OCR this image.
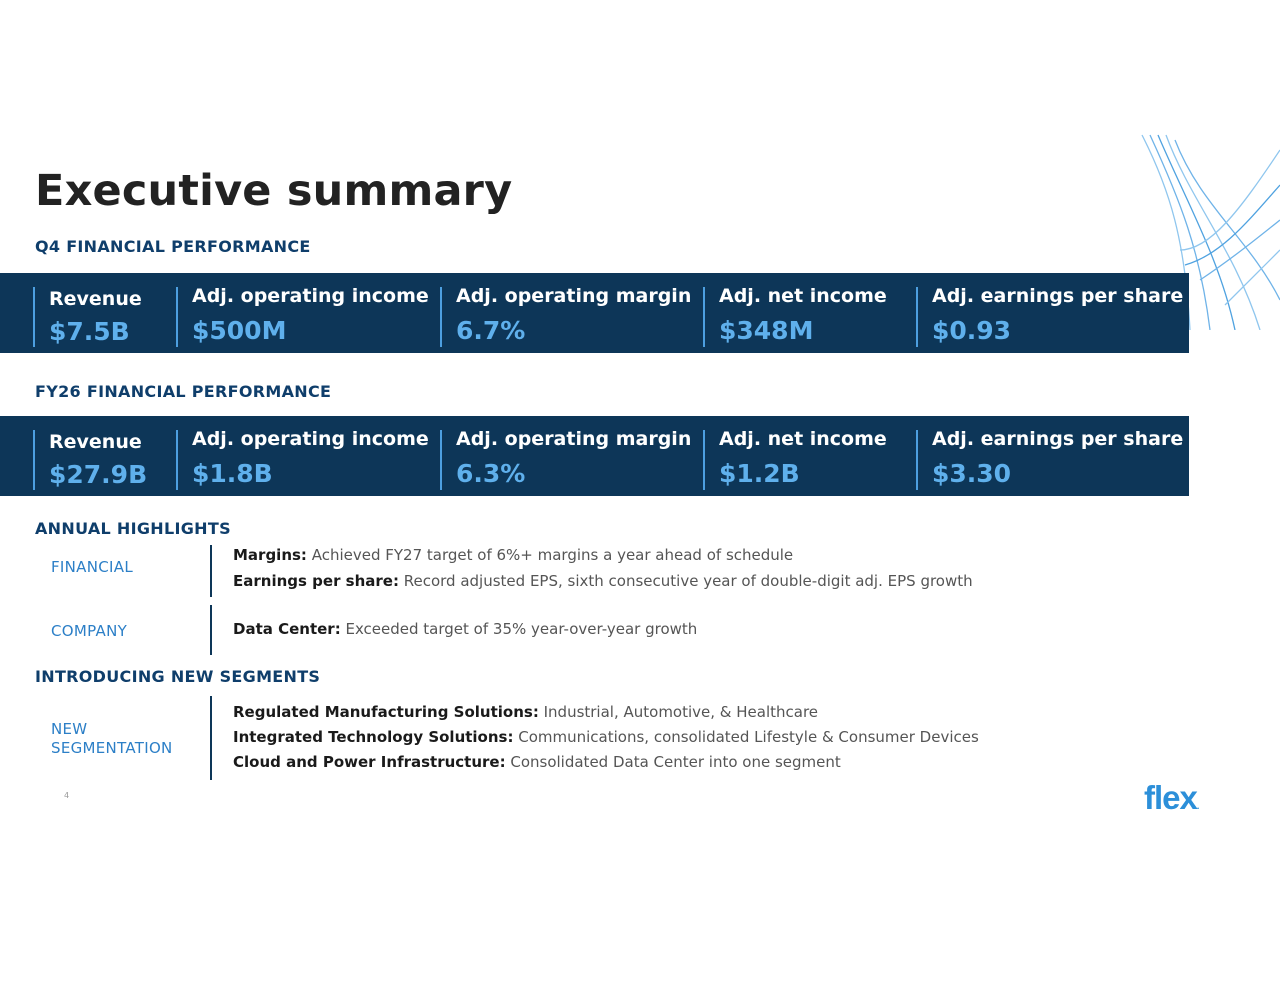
Executive summary
Q4 FINANCIAL PERFORMANCE
Revenue
$7.5B
Adj. operating income
$500M
Adj. operating margin
6.7%
Adj. net income
$348M
Adj. earnings per share
$0.93
FY26 FINANCIAL PERFORMANCE
Revenue
$27.9B
Adj. operating income
$1.8B
Adj. operating margin
6.3%
Adj. net income
$1.2B
Adj. earnings per share
$3.30
ANNUAL HIGHLIGHTS
FINANCIAL
Margins: Achieved FY27 target of 6%+ margins a year ahead of schedule
Earnings per share: Record adjusted EPS, sixth consecutive year of double-digit adj. EPS growth
COMPANY	Data Center: Exceeded target of 35% year-over-year growth
INTRODUCING NEW SEGMENTS
NEW
SEGMENTATION
Regulated Manufacturing Solutions: Industrial, Automotive, & Healthcare
Integrated Technology Solutions: Communications, consolidated Lifestyle & Consumer Devices
Cloud and Power Infrastructure: Consolidated Data Center into one segment
4	flex.
